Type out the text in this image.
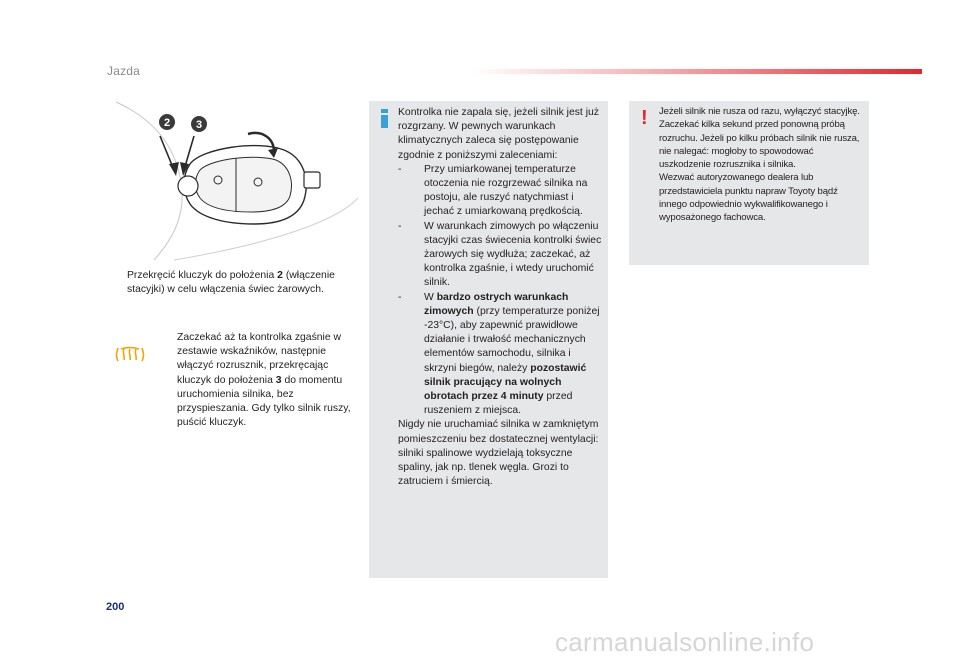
Jazda
2 3
Przekręcić kluczyk do położenia 2 (włączenie stacyjki) w celu włączenia świec żarowych.
Zaczekać aż ta kontrolka zgaśnie w zestawie wskaźników, następnie włączyć rozrusznik, przekręcając kluczyk do położenia 3 do momentu uruchomienia silnika, bez przyspieszania. Gdy tylko silnik ruszy, puścić kluczyk.
Kontrolka nie zapala się, jeżeli silnik jest już rozgrzany. W pewnych warunkach klimatycznych zaleca się postępowanie zgodnie z poniższymi zaleceniami:
-	Przy umiarkowanej temperaturze otoczenia nie rozgrzewać silnika na postoju, ale ruszyć natychmiast i jechać z umiarkowaną prędkością.
-	W warunkach zimowych po włączeniu stacyjki czas świecenia kontrolki świec żarowych się wydłuża; zaczekać, aż kontrolka zgaśnie, i wtedy uruchomić silnik.
-	W bardzo ostrych warunkach zimowych (przy temperaturze poniżej -23°C), aby zapewnić prawidłowe działanie i trwałość mechanicznych elementów samochodu, silnika i skrzyni biegów, należy pozostawić silnik pracujący na wolnych obrotach przez 4 minuty przed ruszeniem z miejsca.
Nigdy nie uruchamiać silnika w zamkniętym pomieszczeniu bez dostatecznej wentylacji: silniki spalinowe wydzielają toksyczne spaliny, jak np. tlenek węgla. Grozi to zatruciem i śmiercią.
! Jeżeli silnik nie rusza od razu, wyłączyć stacyjkę.
Zaczekać kilka sekund przed ponowną próbą rozruchu. Jeżeli po kilku próbach silnik nie rusza, nie nalegać: mogłoby to spowodować uszkodzenie rozrusznika i silnika.
Wezwać autoryzowanego dealera lub przedstawiciela punktu napraw Toyoty bądź innego odpowiednio wykwalifikowanego i wyposażonego fachowca.
200
carmanualsonline.info
